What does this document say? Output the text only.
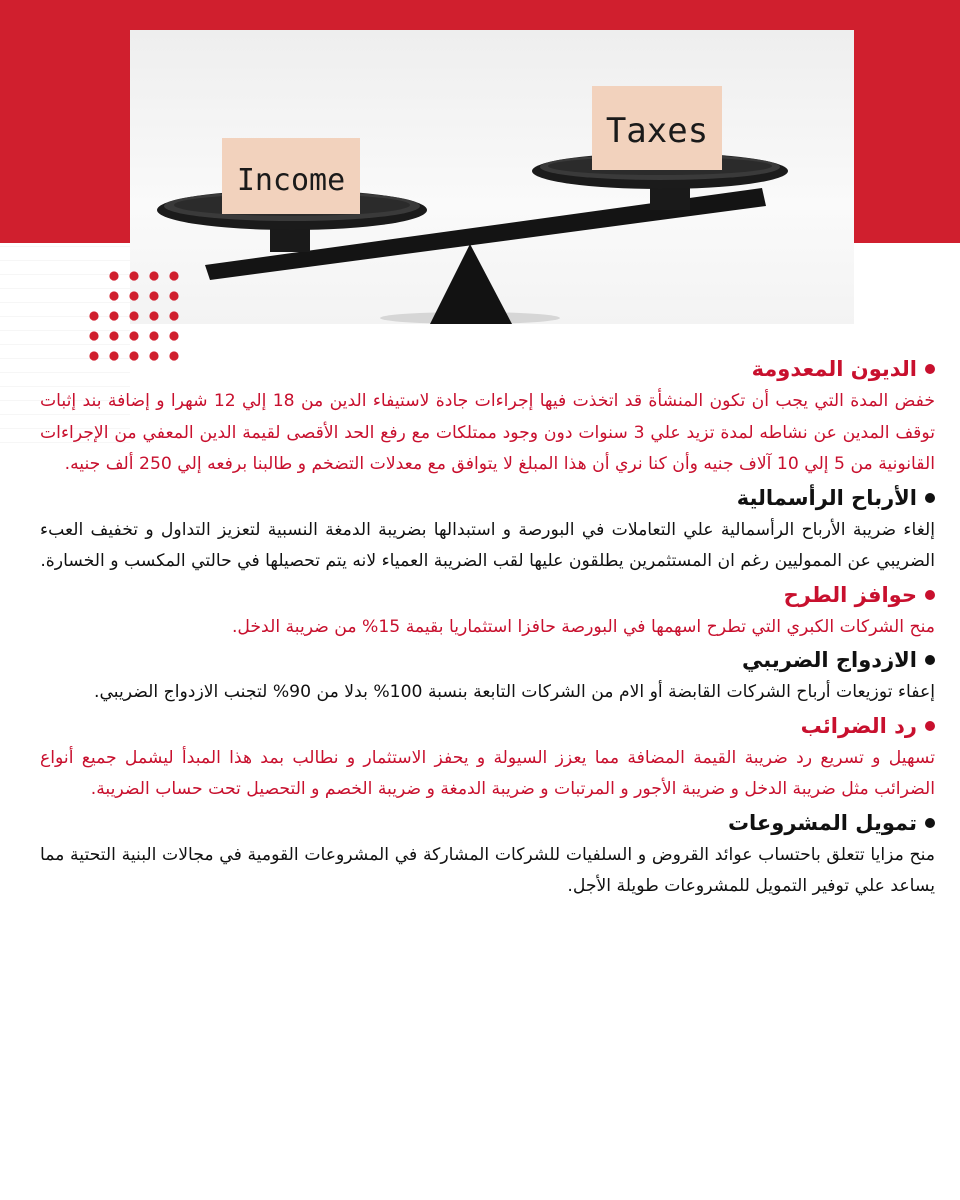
Income
Taxes
الديون المعدومة

خفض المدة التي يجب أن تكون المنشأة قد اتخذت فيها إجراءات جادة لاستيفاء الدين من 18 إلي 12 شهرا و إضافة بند إثبات توقف المدين عن نشاطه لمدة تزيد علي 3 سنوات دون وجود ممتلكات مع رفع الحد الأقصى لقيمة الدين المعفي من الإجراءات القانونية من 5 إلي 10 آلاف جنيه وأن كنا نري أن هذا المبلغ لا يتوافق مع معدلات التضخم و طالبنا برفعه إلي 250 ألف جنيه.

الأرباح الرأسمالية

إلغاء ضريبة الأرباح الرأسمالية علي التعاملات في البورصة و استبدالها بضريبة الدمغة النسبية لتعزيز التداول و تخفيف العبء الضريبي عن المموليين رغم ان المستثمرين يطلقون عليها لقب الضريبة العمياء لانه يتم تحصيلها في حالتي المكسب و الخسارة.

حوافز الطرح

منح الشركات الكبري التي تطرح اسهمها في البورصة حافزا استثماريا بقيمة 15% من ضريبة الدخل.

الازدواج الضريبي

إعفاء توزيعات أرباح الشركات القابضة أو الام من الشركات التابعة بنسبة 100% بدلا من 90% لتجنب الازدواج الضريبي.

رد الضرائب

تسهيل و تسريع رد ضريبة القيمة المضافة مما يعزز السيولة و يحفز الاستثمار و نطالب بمد هذا المبدأ ليشمل جميع أنواع الضرائب مثل ضريبة الدخل و ضريبة الأجور و المرتبات و ضريبة الدمغة و ضريبة الخصم و التحصيل تحت حساب الضريبة.

تمويل المشروعات

منح مزايا تتعلق باحتساب عوائد القروض و السلفيات للشركات المشاركة في المشروعات القومية في مجالات البنية التحتية مما يساعد علي توفير التمويل للمشروعات طويلة الأجل.
